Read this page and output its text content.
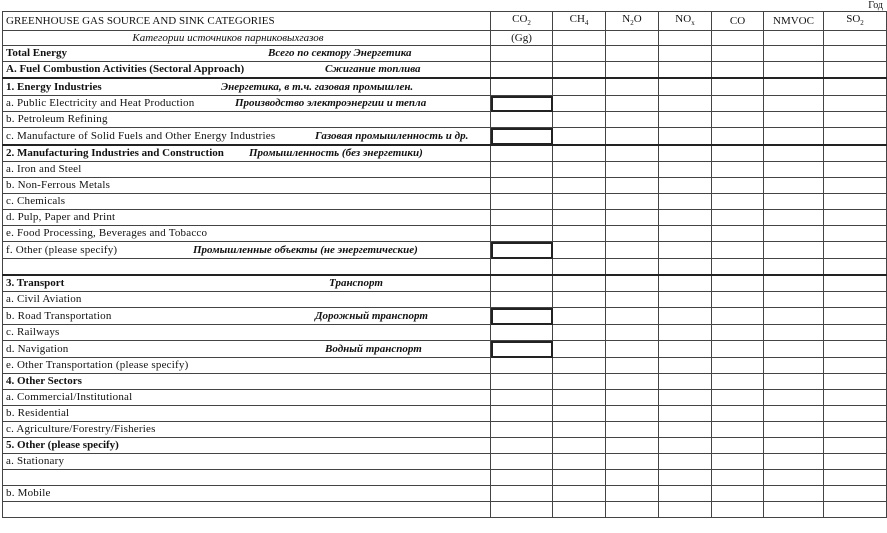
Год
GREENHOUSE GAS SOURCE AND SINK CATEGORIES	$CO_2$	$CH_4$	$N_2O$	$NO_x$	CO	NMVOC	$SO_2$
Категории источников парниковыхгазов	(Gg)						
Total Energy Всего по сектору Энергетика							

A. Fuel Combustion Activities (Sectoral Approach) Сжигание топлива							

1. Energy Industries Энергетика, в т.ч. газовая промышлен.							

a. Public Electricity and Heat Production Производство электроэнергии и тепла							

b. Petroleum Refining							
c. Manufacture of Solid Fuels and Other Energy Industries Газовая промышленность и др.							

2. Manufacturing Industries and Construction Промышленность (без энергетики)							

a. Iron and Steel							
b. Non-Ferrous Metals							
c. Chemicals							
d. Pulp, Paper and Print							
e. Food Processing, Beverages and Tobacco							
f. Other (please specify) Промышленные объекты (не энергетические)							

3. Transport Транспорт							

a. Civil Aviation							
b. Road Transportation Дорожный транспорт							

c. Railways							
d. Navigation Водный транспорт							

e. Other Transportation (please specify)							
4. Other Sectors							
a. Commercial/Institutional							
b. Residential							
c. Agriculture/Forestry/Fisheries							
5. Other (please specify)							
a. Stationary							

b. Mobile							
